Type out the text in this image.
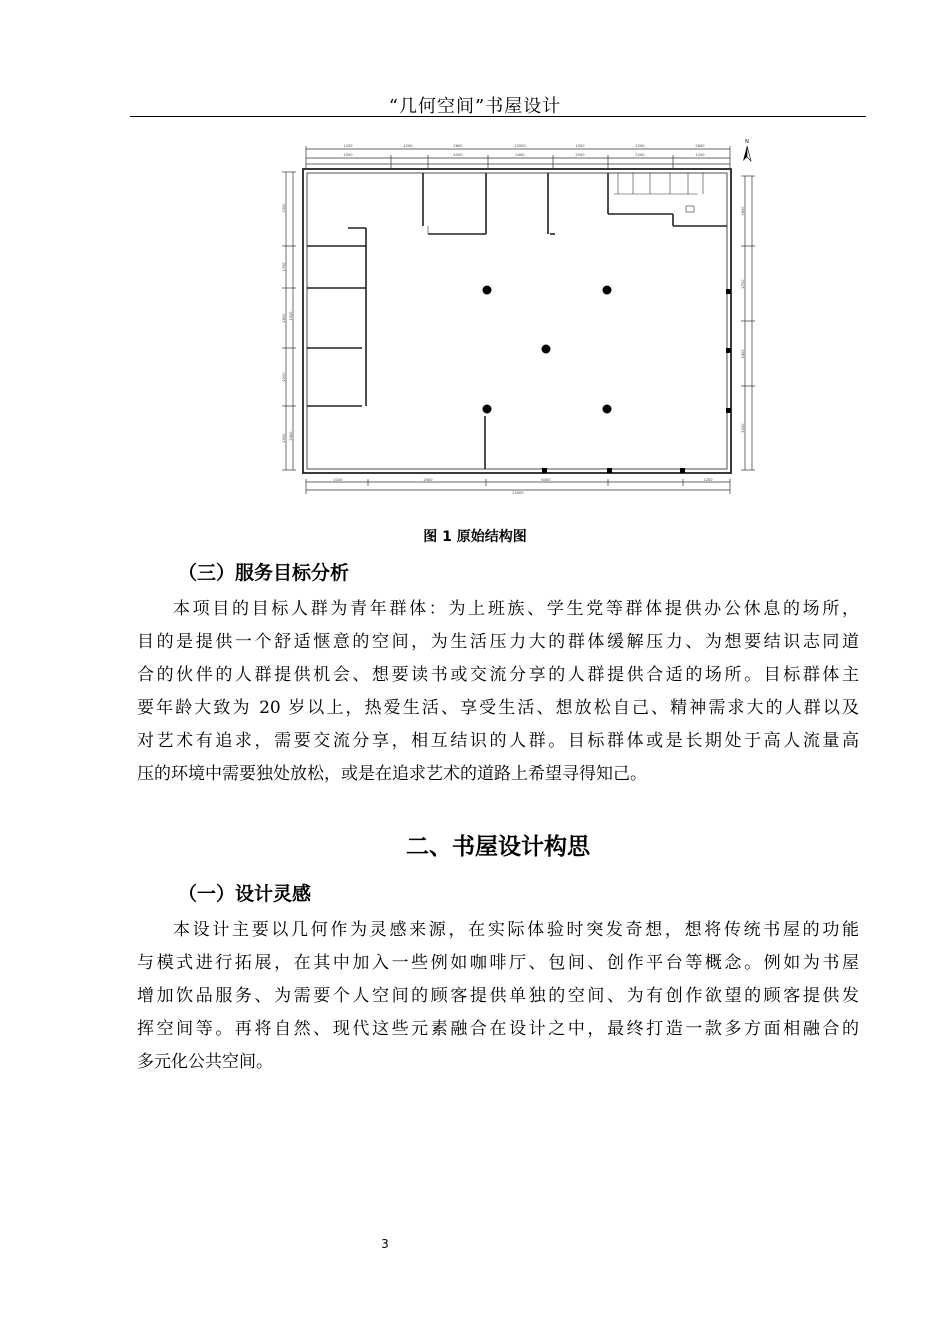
“几何空间”书屋设计
1200	4200	2600	22000	1500	2200	2600
1500	4200	2400	2500	2200	1200
2100	2500	6400	1200
22000
3300
1700
2600
2200
2000
1900
2400
3600
2700
2400
2000
N
图 1 原始结构图
（三）服务目标分析
本项目的目标人群为青年群体：为上班族、学生党等群体提供办公休息的场所，
目的是提供一个舒适惬意的空间，为生活压力大的群体缓解压力、为想要结识志同道
合的伙伴的人群提供机会、想要读书或交流分享的人群提供合适的场所。目标群体主
要年龄大致为 20 岁以上，热爱生活、享受生活、想放松自己、精神需求大的人群以及
对艺术有追求，需要交流分享，相互结识的人群。目标群体或是长期处于高人流量高
压的环境中需要独处放松，或是在追求艺术的道路上希望寻得知己。
二、书屋设计构思
（一）设计灵感
本设计主要以几何作为灵感来源，在实际体验时突发奇想，想将传统书屋的功能
与模式进行拓展，在其中加入一些例如咖啡厅、包间、创作平台等概念。例如为书屋
增加饮品服务、为需要个人空间的顾客提供单独的空间、为有创作欲望的顾客提供发
挥空间等。再将自然、现代这些元素融合在设计之中，最终打造一款多方面相融合的
多元化公共空间。
3
